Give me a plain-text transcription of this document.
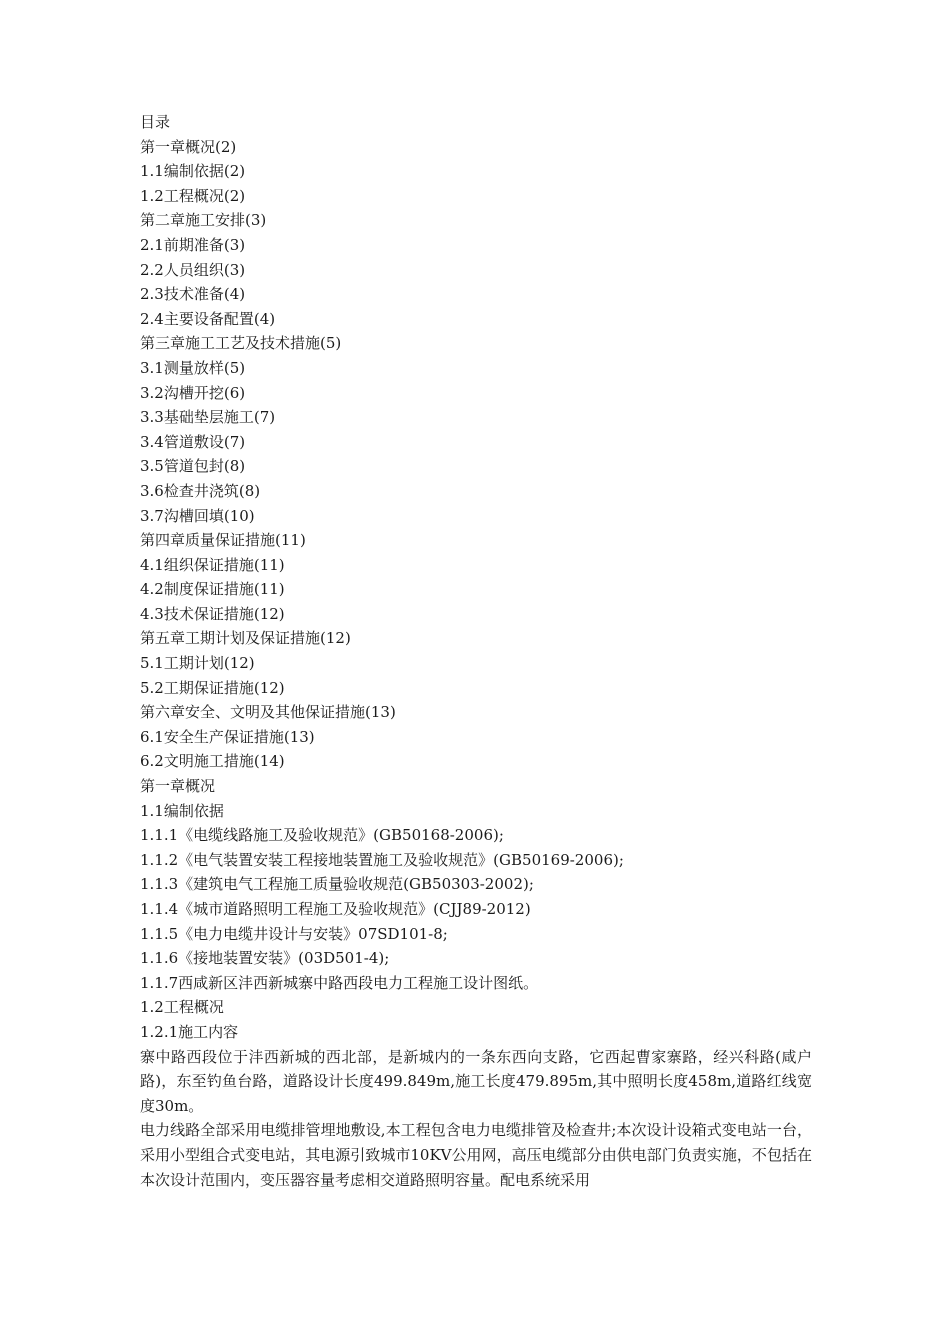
目录
第一章概况(2)
1.1编制依据(2)
1.2工程概况(2)
第二章施工安排(3)
2.1前期准备(3)
2.2人员组织(3)
2.3技术准备(4)
2.4主要设备配置(4)
第三章施工工艺及技术措施(5)
3.1测量放样(5)
3.2沟槽开挖(6)
3.3基础垫层施工(7)
3.4管道敷设(7)
3.5管道包封(8)
3.6检查井浇筑(8)
3.7沟槽回填(10)
第四章质量保证措施(11)
4.1组织保证措施(11)
4.2制度保证措施(11)
4.3技术保证措施(12)
第五章工期计划及保证措施(12)
5.1工期计划(12)
5.2工期保证措施(12)
第六章安全、文明及其他保证措施(13)
6.1安全生产保证措施(13)
6.2文明施工措施(14)
第一章概况
1.1编制依据
1.1.1《电缆线路施工及验收规范》(GB50168-2006);
1.1.2《电气装置安装工程接地装置施工及验收规范》(GB50169-2006);
1.1.3《建筑电气工程施工质量验收规范(GB50303-2002);
1.1.4《城市道路照明工程施工及验收规范》(CJJ89-2012)
1.1.5《电力电缆井设计与安装》07SD101-8;
1.1.6《接地装置安装》(03D501-4);
1.1.7西咸新区沣西新城寨中路西段电力工程施工设计图纸。
1.2工程概况
1.2.1施工内容
寨中路西段位于沣西新城的西北部，是新城内的一条东西向支路，它西起曹家寨路，经兴科路(咸户路)，东至钓鱼台路，道路设计长度499.849m,施工长度479.895m,其中照明长度458m,道路红线宽度30m。
电力线路全部采用电缆排管埋地敷设,本工程包含电力电缆排管及检查井;本次设计设箱式变电站一台，采用小型组合式变电站，其电源引致城市10KV公用网，高压电缆部分由供电部门负责实施，不包括在本次设计范围内，变压器容量考虑相交道路照明容量。配电系统采用
